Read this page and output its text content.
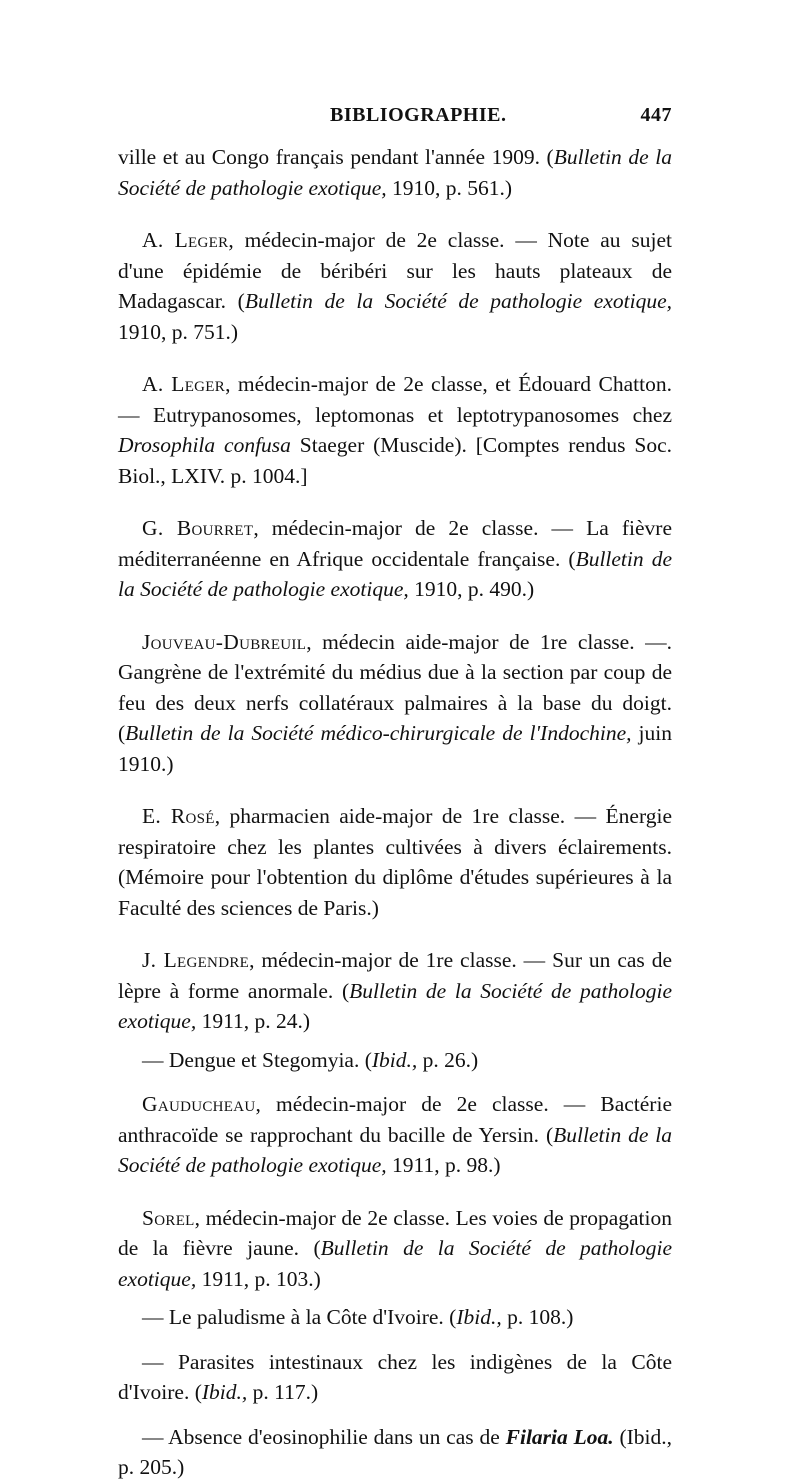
BIBLIOGRAPHIE.	447

ville et au Congo français pendant l'année 1909. (Bulletin de la Société de pathologie exotique, 1910, p. 561.)

A. Leger, médecin-major de 2e classe. — Note au sujet d'une épidémie de béribéri sur les hauts plateaux de Madagascar. (Bulletin de la Société de pathologie exotique, 1910, p. 751.)

A. Leger, médecin-major de 2e classe, et Édouard Chatton. — Eutrypanosomes, leptomonas et leptotrypanosomes chez Drosophila confusa Staeger (Muscide). [Comptes rendus Soc. Biol., LXIV. p. 1004.]

G. Bourret, médecin-major de 2e classe. — La fièvre méditerranéenne en Afrique occidentale française. (Bulletin de la Société de pathologie exotique, 1910, p. 490.)

Jouveau-Dubreuil, médecin aide-major de 1re classe. —. Gangrène de l'extrémité du médius due à la section par coup de feu des deux nerfs collatéraux palmaires à la base du doigt. (Bulletin de la Société médico-chirurgicale de l'Indochine, juin 1910.)

E. Rosé, pharmacien aide-major de 1re classe. — Énergie respiratoire chez les plantes cultivées à divers éclairements. (Mémoire pour l'obtention du diplôme d'études supérieures à la Faculté des sciences de Paris.)

J. Legendre, médecin-major de 1re classe. — Sur un cas de lèpre à forme anormale. (Bulletin de la Société de pathologie exotique, 1911, p. 24.)

— Dengue et Stegomyia. (Ibid., p. 26.)

Gauducheau, médecin-major de 2e classe. — Bactérie anthracoïde se rapprochant du bacille de Yersin. (Bulletin de la Société de pathologie exotique, 1911, p. 98.)

Sorel, médecin-major de 2e classe. Les voies de propagation de la fièvre jaune. (Bulletin de la Société de pathologie exotique, 1911, p. 103.)

— Le paludisme à la Côte d'Ivoire. (Ibid., p. 108.)

— Parasites intestinaux chez les indigènes de la Côte d'Ivoire. (Ibid., p. 117.)

— Absence d'eosinophilie dans un cas de Filaria Loa. (Ibid., p. 205.)
